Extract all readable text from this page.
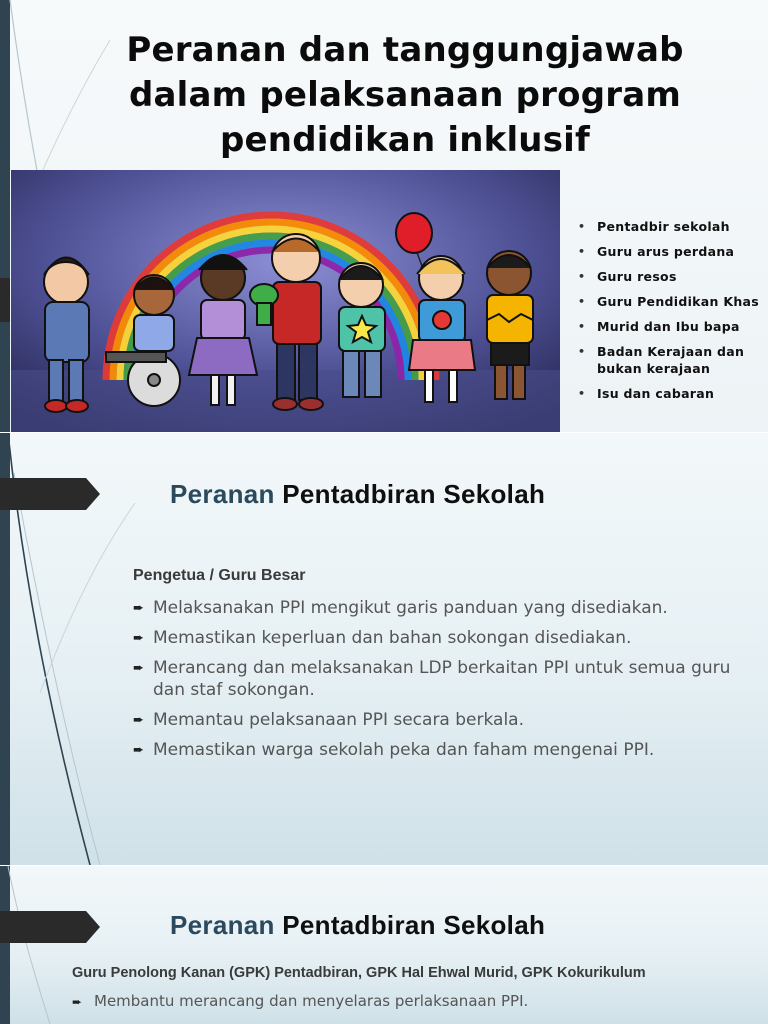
Peranan dan tanggungjawab
dalam pelaksanaan program
pendidikan inklusif
• Pentadbir sekolah
• Guru arus perdana
• Guru resos
• Guru Pendidikan Khas
• Murid dan Ibu bapa
• Badan Kerajaan dan bukan kerajaan
• Isu dan cabaran
Peranan Pentadbiran Sekolah
Pengetua / Guru Besar
➨ Melaksanakan PPI mengikut garis panduan yang disediakan.
➨ Memastikan keperluan dan bahan sokongan disediakan.
➨ Merancang dan melaksanakan LDP berkaitan PPI untuk semua guru dan staf sokongan.
➨ Memantau pelaksanaan PPI secara berkala.
➨ Memastikan warga sekolah peka dan faham mengenai PPI.
Peranan Pentadbiran Sekolah
Guru Penolong Kanan (GPK) Pentadbiran, GPK Hal Ehwal Murid, GPK Kokurikulum
➨ Membantu merancang dan menyelaras perlaksanaan PPI.
